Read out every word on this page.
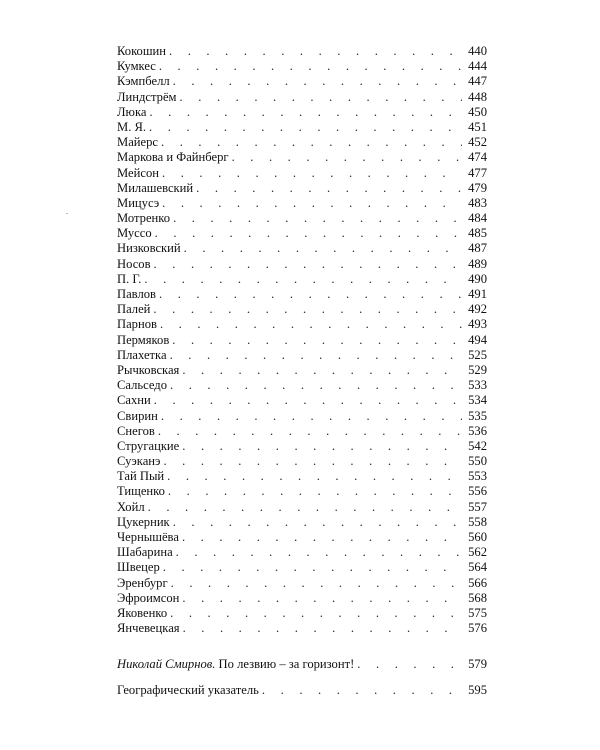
Кокошин . . .	440
Кумкес . . .	444
Кэмпбелл . . .	447
Линдстрём . . .	448
Люка . . .	450
М. Я. . . .	451
Майерс . . .	452
Маркова и Файнберг . . .	474
Мейсон . . .	477
Милашевский . . .	479
Мицусэ . . .	483
Мотренко . . .	484
Муссо . . .	485
Низковский . . .	487
Носов . . .	489
П. Г. . . .	490
Павлов . . .	491
Палей . . .	492
Парнов . . .	493
Пермяков . . .	494
Плахетка . . .	525
Рычковская . . .	529
Сальседо . . .	533
Сахни . . .	534
Свирин . . .	535
Снегов . . .	536
Стругацкие . . .	542
Суэканэ . . .	550
Тай Пый . . .	553
Тищенко . . .	556
Хойл . . .	557
Цукерник . . .	558
Чернышёва . . .	560
Шабарина . . .	562
Швецер . . .	564
Эренбург . . .	566
Эфроимсон . . .	568
Яковенко . . .	575
Янчевецкая . . .	576
Николай Смирнов. По лезвию – за горизонт! . . .	579
Географический указатель . . .	595
